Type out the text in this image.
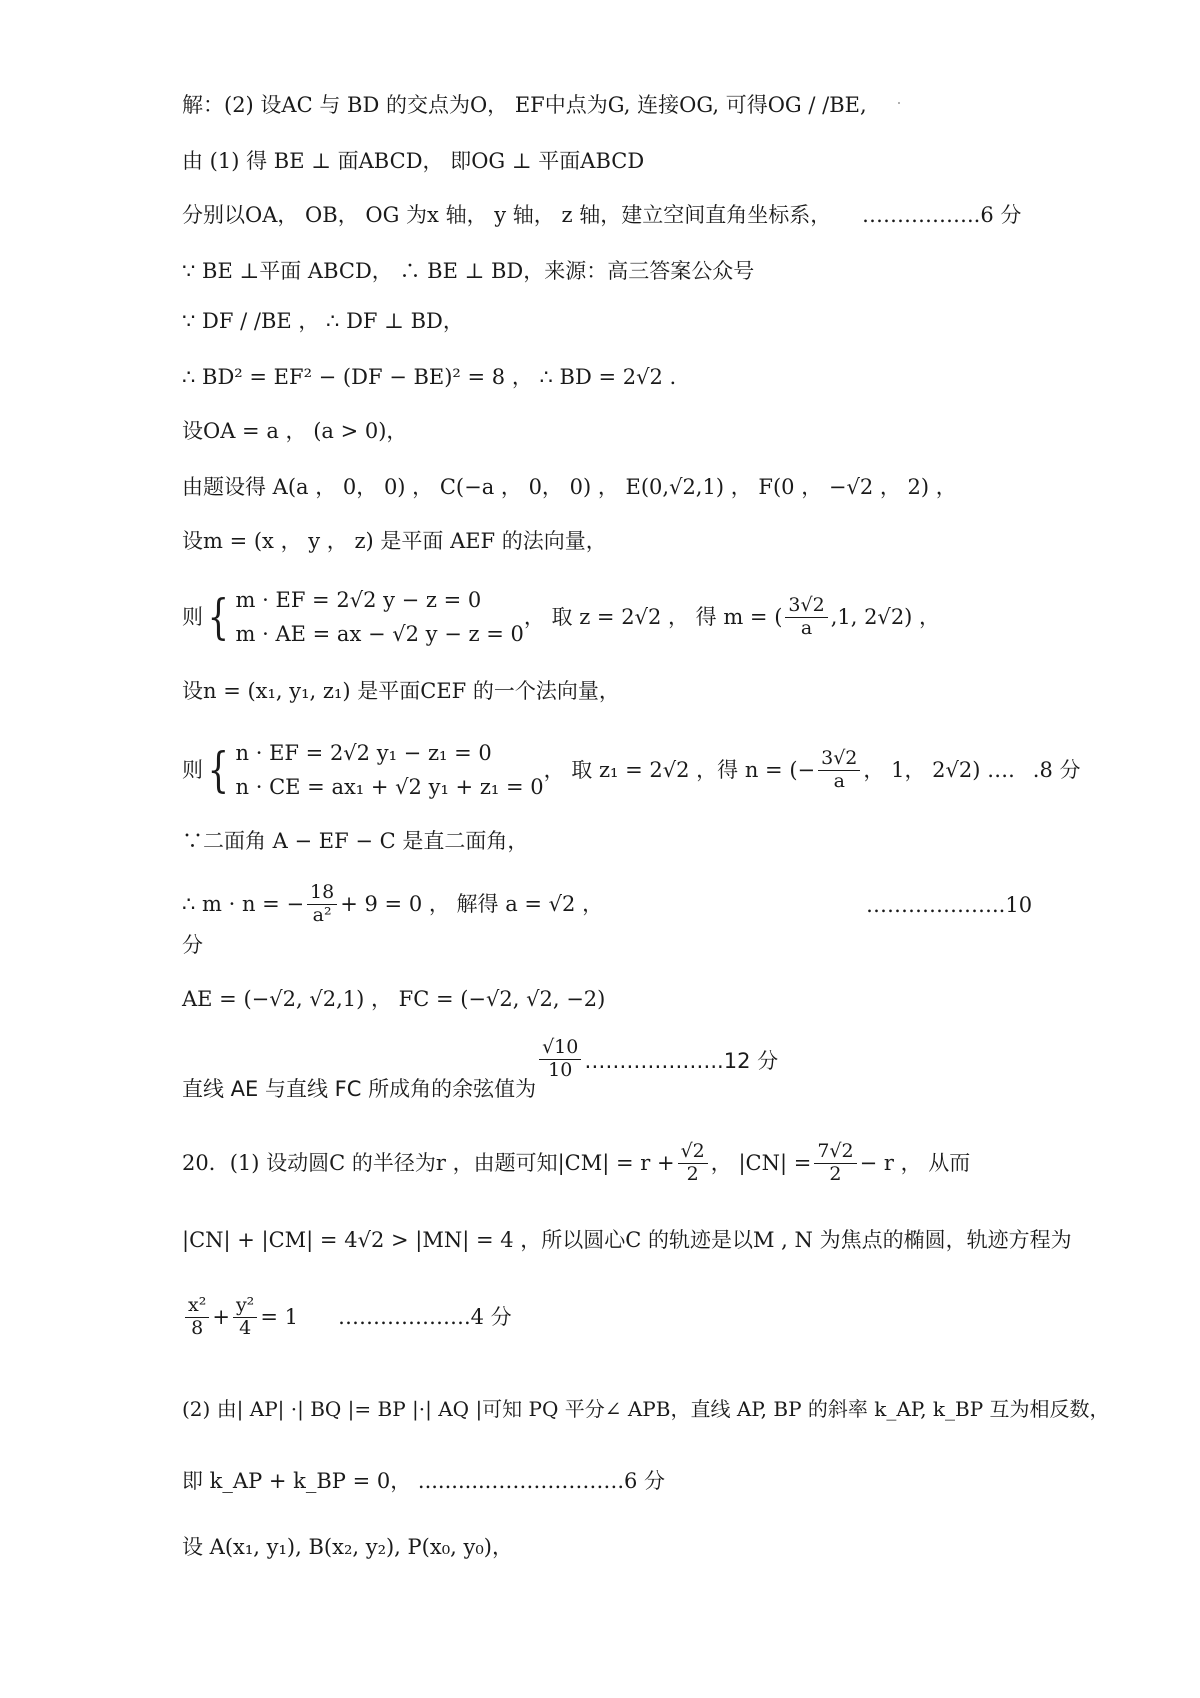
解：(2) 设AC 与 BD 的交点为O， EF中点为G, 连接OG, 可得OG / /BE,
由 (1) 得 BE ⊥ 面ABCD， 即OG ⊥ 平面ABCD
分别以OA， OB， OG 为x 轴， y 轴， z 轴，建立空间直角坐标系， ……………..6 分
∵ BE ⊥平面 ABCD， ∴ BE ⊥ BD，来源：高三答案公众号
∵ DF / /BE ， ∴ DF ⊥ BD，
∴ BD² = EF² − (DF − BE)² = 8 ， ∴ BD = 2√2 .
设OA = a ， (a > 0)，
由题设得 A(a ， 0， 0) ， C(−a ， 0， 0) ， E(0,√2,1) ， F(0 ， −√2 ， 2) ，
设m = (x ， y ， z) 是平面 AEF 的法向量，
则 { m · EF = 2√2 y − z = 0
m · AE = ax − √2 y − z = 0
， 取 z = 2√2 ， 得 m = ( $\frac{3√2}{a} ,1$, 2√2) ，
设n = (x₁, y₁, z₁) 是平面CEF 的一个法向量，
则 { n · EF = 2√2 y₁ − z₁ = 0
n · CE = ax₁ + √2 y₁ + z₁ = 0
， 取 z₁ = 2√2 ，得 n = (− $\frac{3√2}{a}$ ， 1， 2√2) …. .8 分
∵二面角 A − EF − C 是直二面角，
∴ m · n = − $\frac{18}{\text{a²}} + 9 = 0$ ， 解得 a = √2 ，	………………..10
分
AE = (−√2, √2,1) ， FC = (−√2, √2, −2)
直线 AE 与直线 FC 所成角的余弦值为
$\frac{√10}{10}$ ………………..12 分
20．(1) 设动圆C 的半径为r ，由题可知$|CM| = r + \frac{√2}{2}$ ， $|CN| = \frac{7√2}{2} - r$ ， 从而
|CN| + |CM| = 4√2 > |MN| = 4 ，所以圆心C 的轨迹是以M , N 为焦点的椭圆，轨迹方程为
$\frac{\text{x²}}{8} + \frac{\text{y²}}{4} = 1$ ……………….4 分
(2) 由| AP| ·| BQ |= BP |·| AQ |可知 PQ 平分∠ APB，直线 AP, BP 的斜率 k_AP, k_BP 互为相反数，
即 k_AP + k_BP = 0， ...........……………….6 分
设 A(x₁, y₁), B(x₂, y₂), P(x₀, y₀)，
